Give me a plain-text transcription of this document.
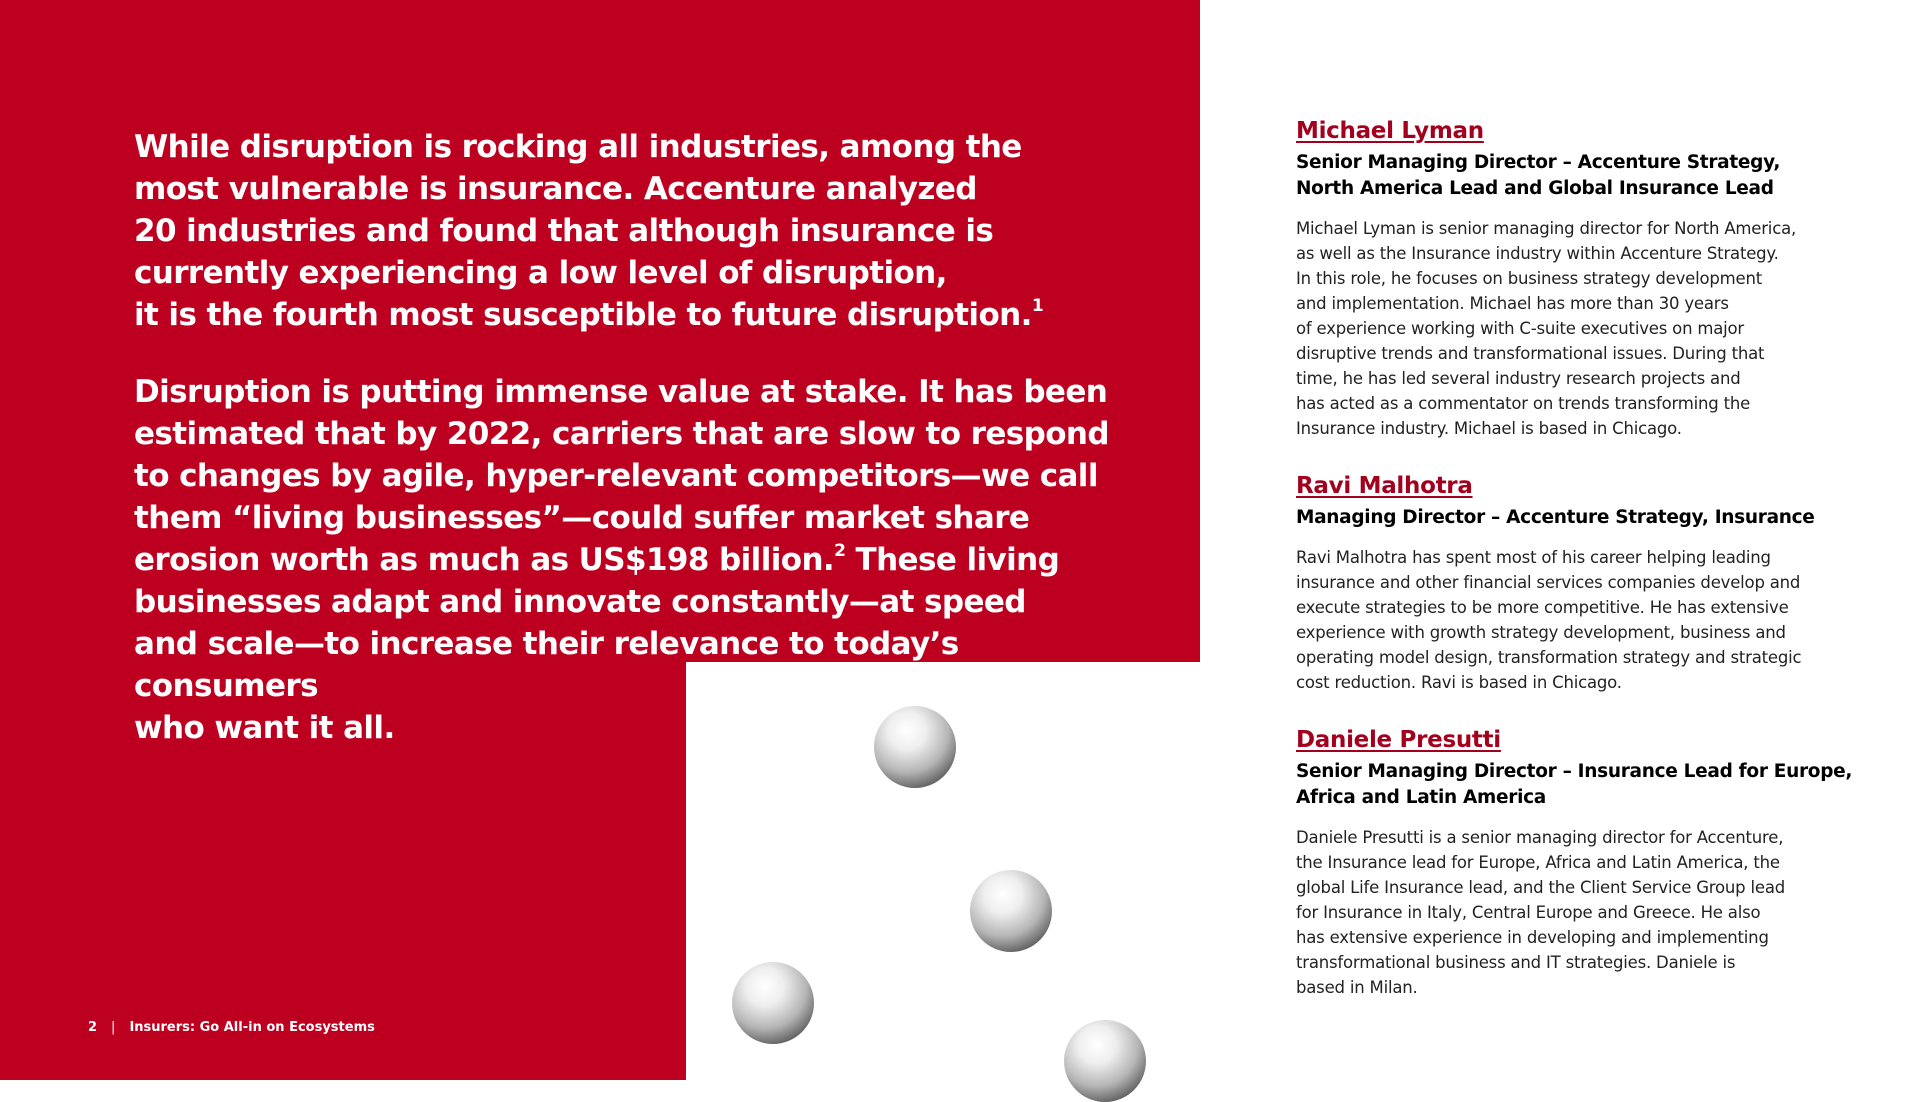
While disruption is rocking all industries, among the
most vulnerable is insurance. Accenture analyzed
20 industries and found that although insurance is
currently experiencing a low level of disruption,
it is the fourth most susceptible to future disruption.$^1$

Disruption is putting immense value at stake. It has been
estimated that by 2022, carriers that are slow to respond
to changes by agile, hyper-relevant competitors—we call
them “living businesses”—could suffer market share
erosion worth as much as US$198 billion.$^2$ These living
businesses adapt and innovate constantly—at speed
and scale—to increase their relevance to today’s consumers
who want it all.

2 | Insurers: Go All-in on Ecosystems
Michael Lyman
Senior Managing Director – Accenture Strategy,
North America Lead and Global Insurance Lead
Michael Lyman is senior managing director for North America,
as well as the Insurance industry within Accenture Strategy.
In this role, he focuses on business strategy development
and implementation. Michael has more than 30 years
of experience working with C-suite executives on major
disruptive trends and transformational issues. During that
time, he has led several industry research projects and
has acted as a commentator on trends transforming the
Insurance industry. Michael is based in Chicago.
Ravi Malhotra
Managing Director – Accenture Strategy, Insurance
Ravi Malhotra has spent most of his career helping leading
insurance and other financial services companies develop and
execute strategies to be more competitive. He has extensive
experience with growth strategy development, business and
operating model design, transformation strategy and strategic
cost reduction. Ravi is based in Chicago.
Daniele Presutti
Senior Managing Director – Insurance Lead for Europe,
Africa and Latin America
Daniele Presutti is a senior managing director for Accenture,
the Insurance lead for Europe, Africa and Latin America, the
global Life Insurance lead, and the Client Service Group lead
for Insurance in Italy, Central Europe and Greece. He also
has extensive experience in developing and implementing
transformational business and IT strategies. Daniele is
based in Milan.
